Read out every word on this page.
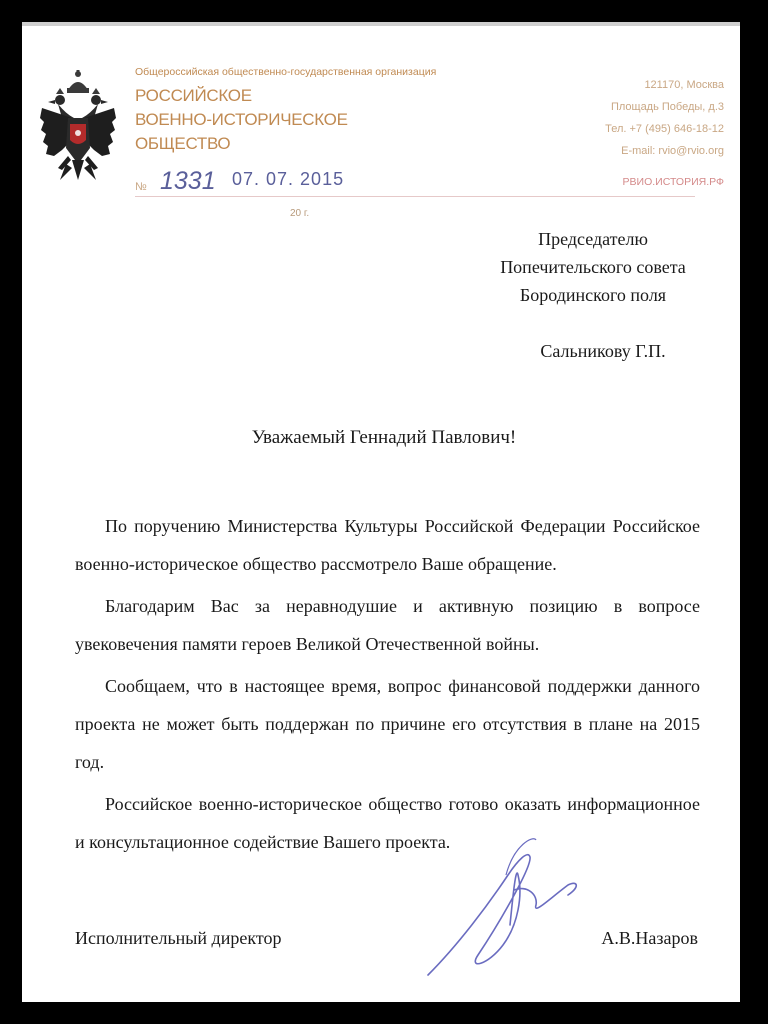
Общероссийская общественно-государственная организация
РОССИЙСКОЕ
ВОЕННО-ИСТОРИЧЕСКОЕ
ОБЩЕСТВО
121170, Москва
Площадь Победы, д.3
Тел. +7 (495) 646-18-12
E-mail: rvio@rvio.org
РВИО.ИСТОРИЯ.РФ
№ 1331 07. 07. 2015
20 г.
Председателю
Попечительского совета
Бородинского поля
Сальникову Г.П.
Уважаемый Геннадий Павлович!

По поручению Министерства Культуры Российской Федерации Российское военно-историческое общество рассмотрело Ваше обращение.

Благодарим Вас за неравнодушие и активную позицию в вопросе увековечения памяти героев Великой Отечественной войны.

Сообщаем, что в настоящее время, вопрос финансовой поддержки данного проекта не может быть поддержан по причине его отсутствия в плане на 2015 год.

Российское военно-историческое общество готово оказать информационное и консультационное содействие Вашего проекта.

Исполнительный директор	А.В.Назаров
